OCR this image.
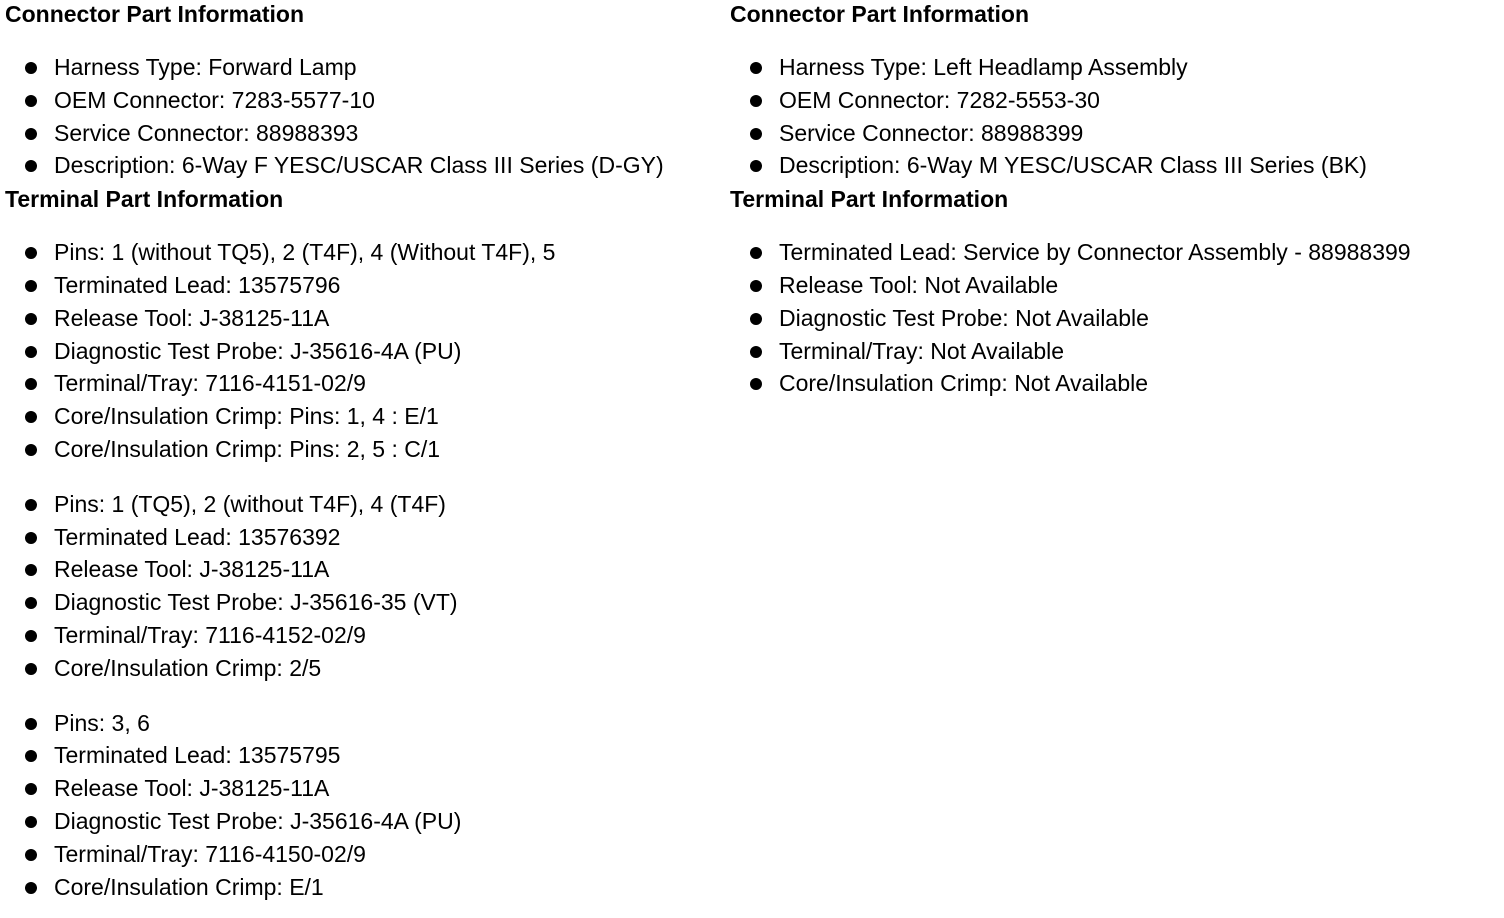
Connector Part Information
Harness Type: Forward Lamp
OEM Connector: 7283-5577-10
Service Connector: 88988393
Description: 6-Way F YESC/USCAR Class III Series (D-GY)
Terminal Part Information
Pins: 1 (without TQ5), 2 (T4F), 4 (Without T4F), 5
Terminated Lead: 13575796
Release Tool: J-38125-11A
Diagnostic Test Probe: J-35616-4A (PU)
Terminal/Tray: 7116-4151-02/9
Core/Insulation Crimp: Pins: 1, 4 : E/1
Core/Insulation Crimp: Pins: 2, 5 : C/1
Pins: 1 (TQ5), 2 (without T4F), 4 (T4F)
Terminated Lead: 13576392
Release Tool: J-38125-11A
Diagnostic Test Probe: J-35616-35 (VT)
Terminal/Tray: 7116-4152-02/9
Core/Insulation Crimp: 2/5
Pins: 3, 6
Terminated Lead: 13575795
Release Tool: J-38125-11A
Diagnostic Test Probe: J-35616-4A (PU)
Terminal/Tray: 7116-4150-02/9
Core/Insulation Crimp: E/1
Connector Part Information
Harness Type: Left Headlamp Assembly
OEM Connector: 7282-5553-30
Service Connector: 88988399
Description: 6-Way M YESC/USCAR Class III Series (BK)
Terminal Part Information
Terminated Lead: Service by Connector Assembly - 88988399
Release Tool: Not Available
Diagnostic Test Probe: Not Available
Terminal/Tray: Not Available
Core/Insulation Crimp: Not Available
